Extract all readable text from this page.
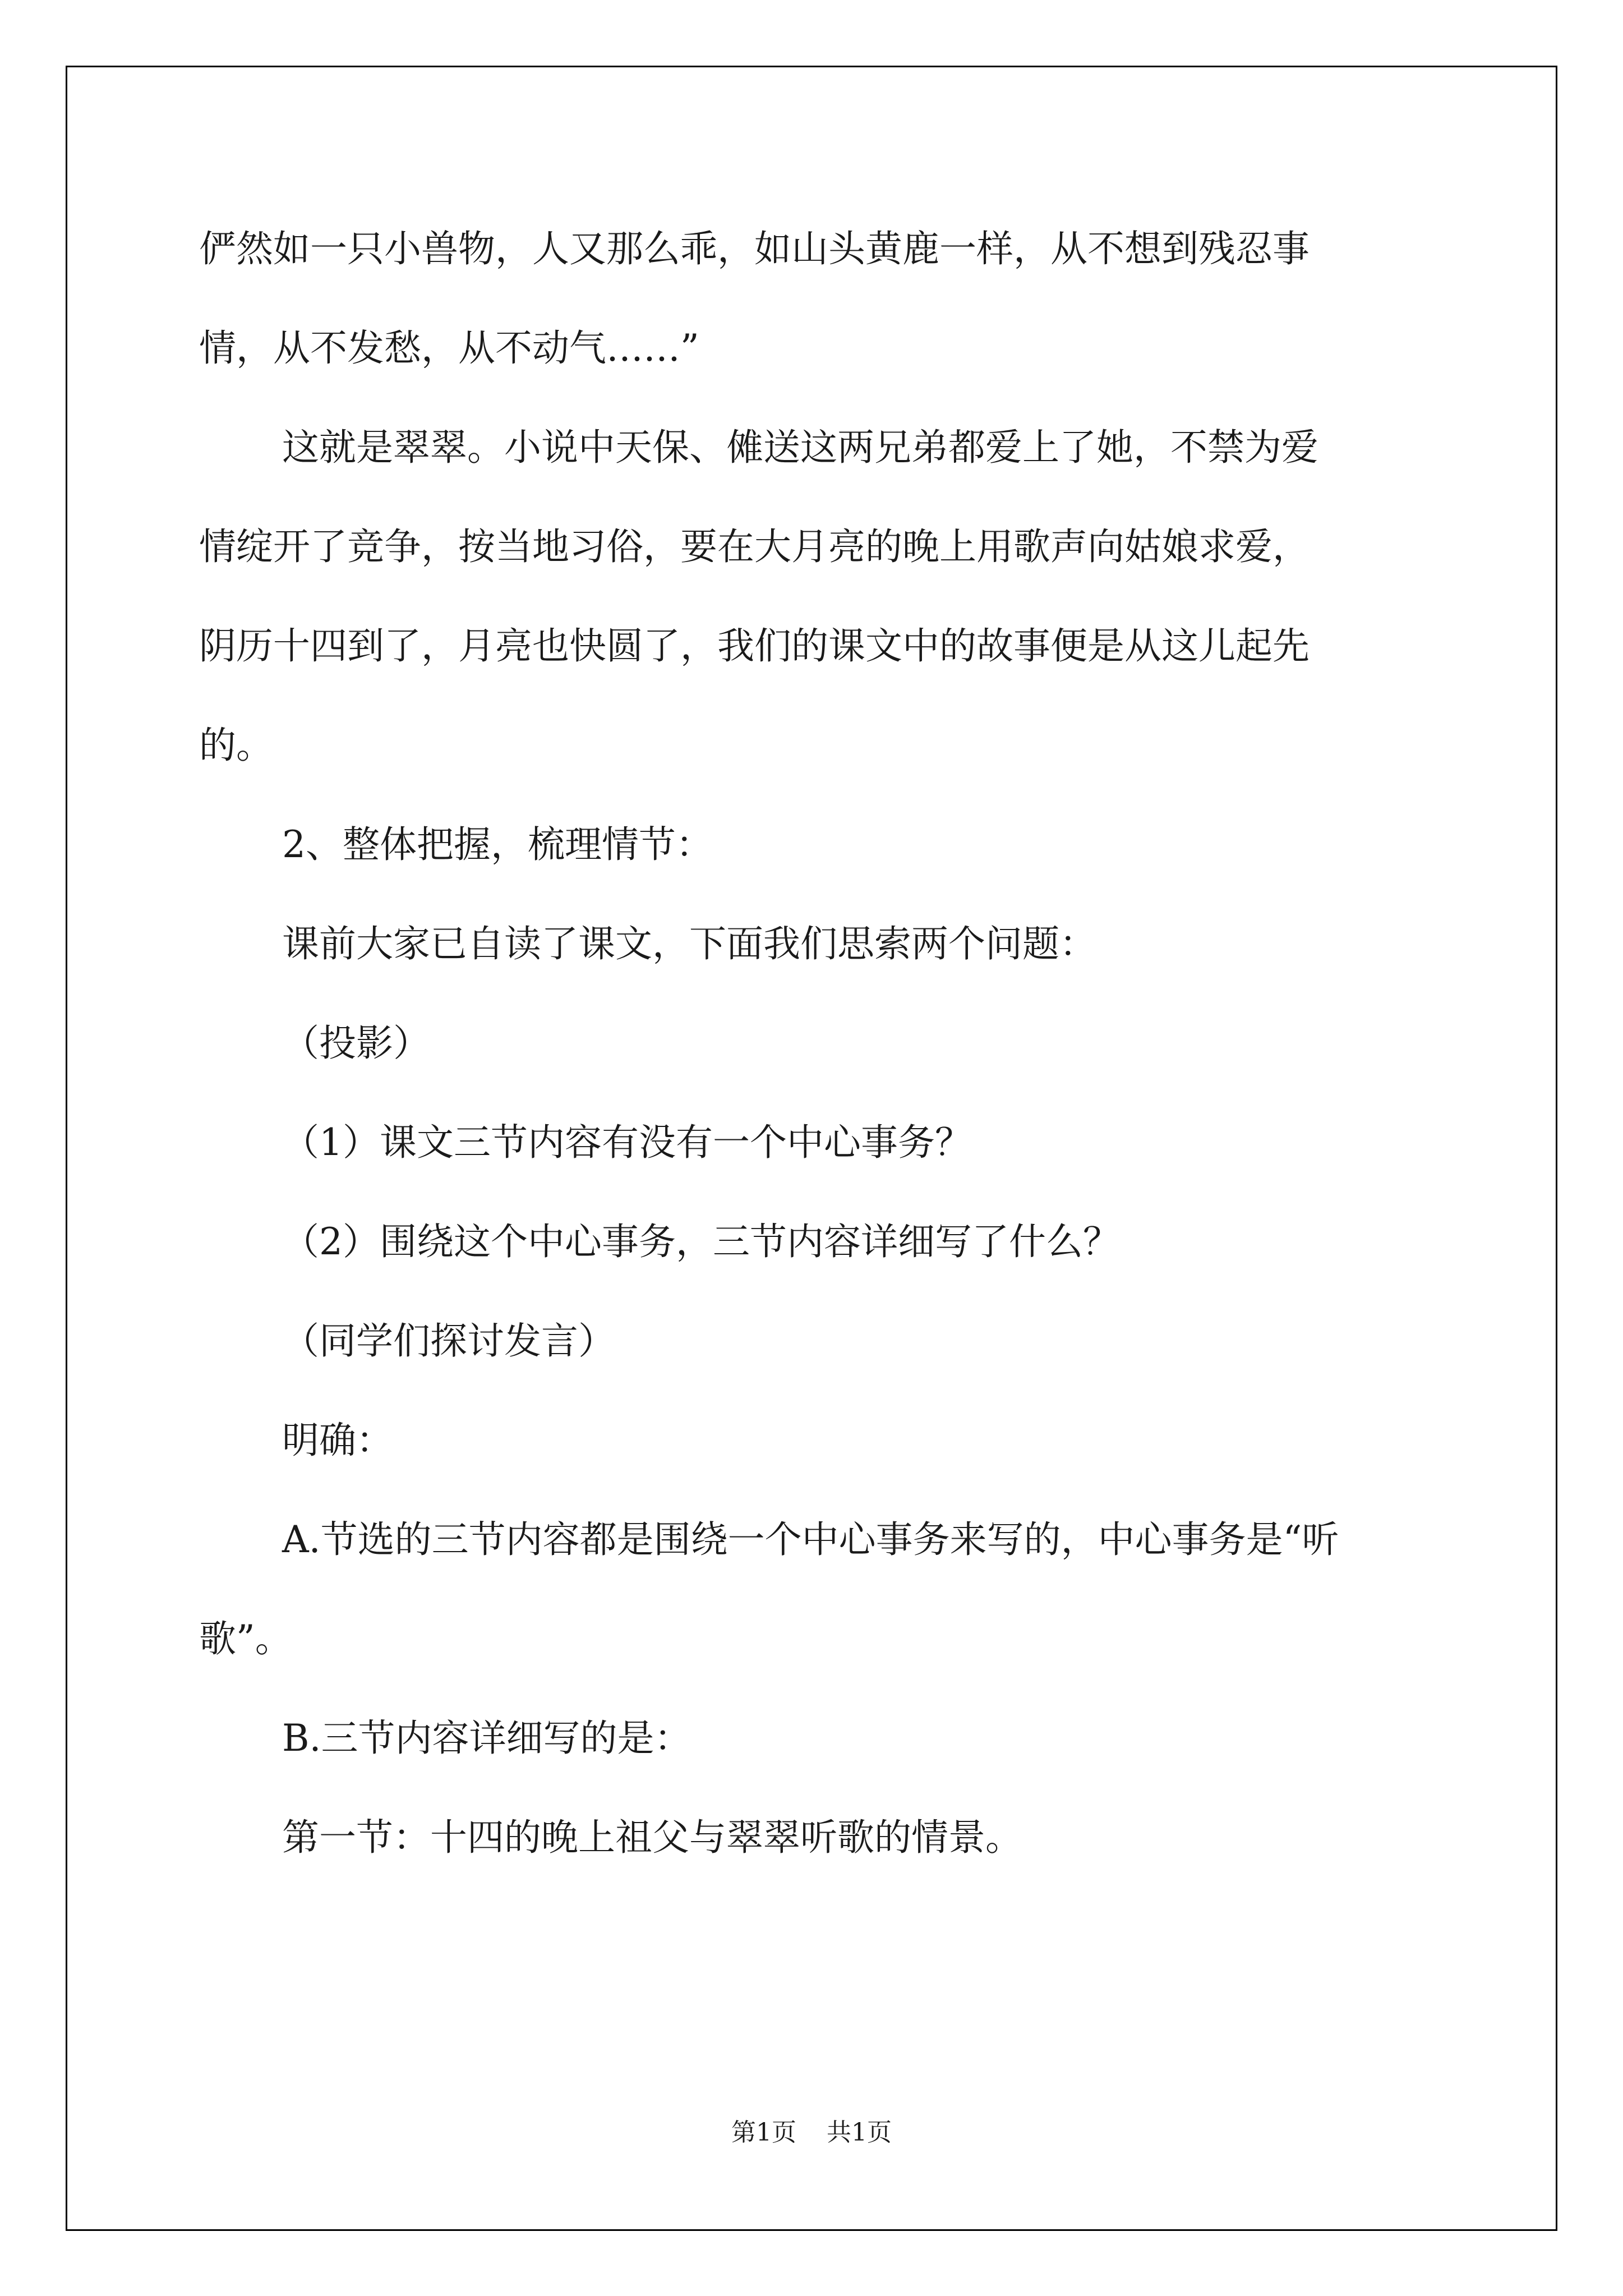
俨然如一只小兽物，人又那么乖，如山头黄鹿一样，从不想到残忍事

情，从不发愁，从不动气……”

这就是翠翠。小说中天保、傩送这两兄弟都爱上了她，不禁为爱

情绽开了竞争，按当地习俗，要在大月亮的晚上用歌声向姑娘求爱，

阴历十四到了，月亮也快圆了，我们的课文中的故事便是从这儿起先

的。

2、整体把握，梳理情节：

课前大家已自读了课文，下面我们思索两个问题：

（投影）

（1）课文三节内容有没有一个中心事务？

（2）围绕这个中心事务，三节内容详细写了什么？

（同学们探讨发言）

明确：

A.节选的三节内容都是围绕一个中心事务来写的，中心事务是“听

歌”。

B.三节内容详细写的是：

第一节：十四的晚上祖父与翠翠听歌的情景。

第1页 共1页
